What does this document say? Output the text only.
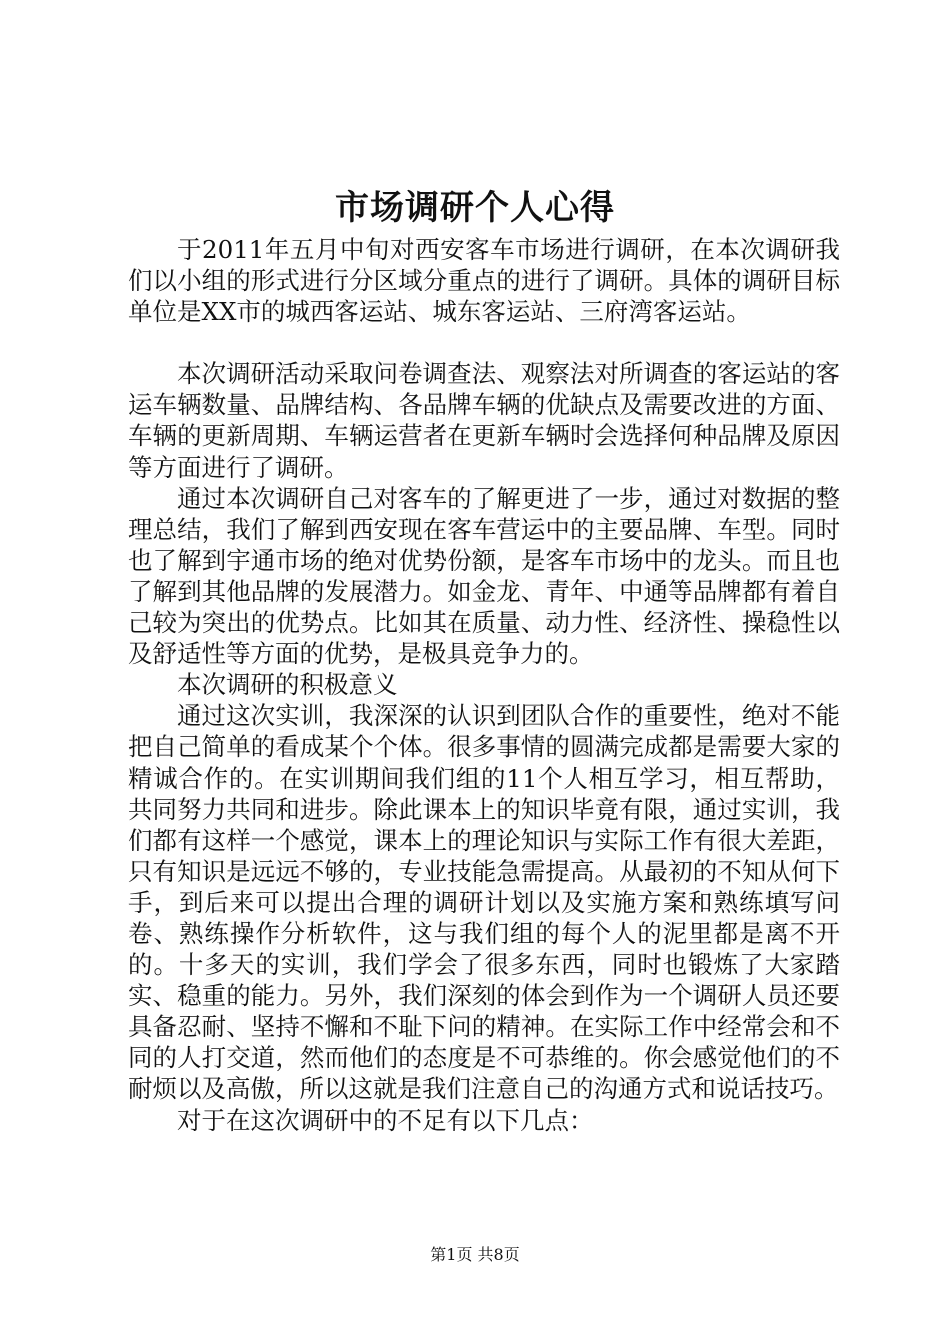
市场调研个人心得

于2011年五月中旬对西安客车市场进行调研，在本次调研我们以小组的形式进行分区域分重点的进行了调研。具体的调研目标单位是XX市的城西客运站、城东客运站、三府湾客运站。

本次调研活动采取问卷调查法、观察法对所调查的客运站的客运车辆数量、品牌结构、各品牌车辆的优缺点及需要改进的方面、车辆的更新周期、车辆运营者在更新车辆时会选择何种品牌及原因等方面进行了调研。

通过本次调研自己对客车的了解更进了一步，通过对数据的整理总结，我们了解到西安现在客车营运中的主要品牌、车型。同时也了解到宇通市场的绝对优势份额，是客车市场中的龙头。而且也了解到其他品牌的发展潜力。如金龙、青年、中通等品牌都有着自己较为突出的优势点。比如其在质量、动力性、经济性、操稳性以及舒适性等方面的优势，是极具竞争力的。

本次调研的积极意义

通过这次实训，我深深的认识到团队合作的重要性，绝对不能把自己简单的看成某个个体。很多事情的圆满完成都是需要大家的精诚合作的。在实训期间我们组的11个人相互学习，相互帮助，共同努力共同和进步。除此课本上的知识毕竟有限，通过实训，我们都有这样一个感觉，课本上的理论知识与实际工作有很大差距，只有知识是远远不够的，专业技能急需提高。从最初的不知从何下手，到后来可以提出合理的调研计划以及实施方案和熟练填写问卷、熟练操作分析软件，这与我们组的每个人的泥里都是离不开的。十多天的实训，我们学会了很多东西，同时也锻炼了大家踏实、稳重的能力。另外，我们深刻的体会到作为一个调研人员还要具备忍耐、坚持不懈和不耻下问的精神。在实际工作中经常会和不同的人打交道，然而他们的态度是不可恭维的。你会感觉他们的不耐烦以及高傲，所以这就是我们注意自己的沟通方式和说话技巧。

对于在这次调研中的不足有以下几点：

第1页 共8页
